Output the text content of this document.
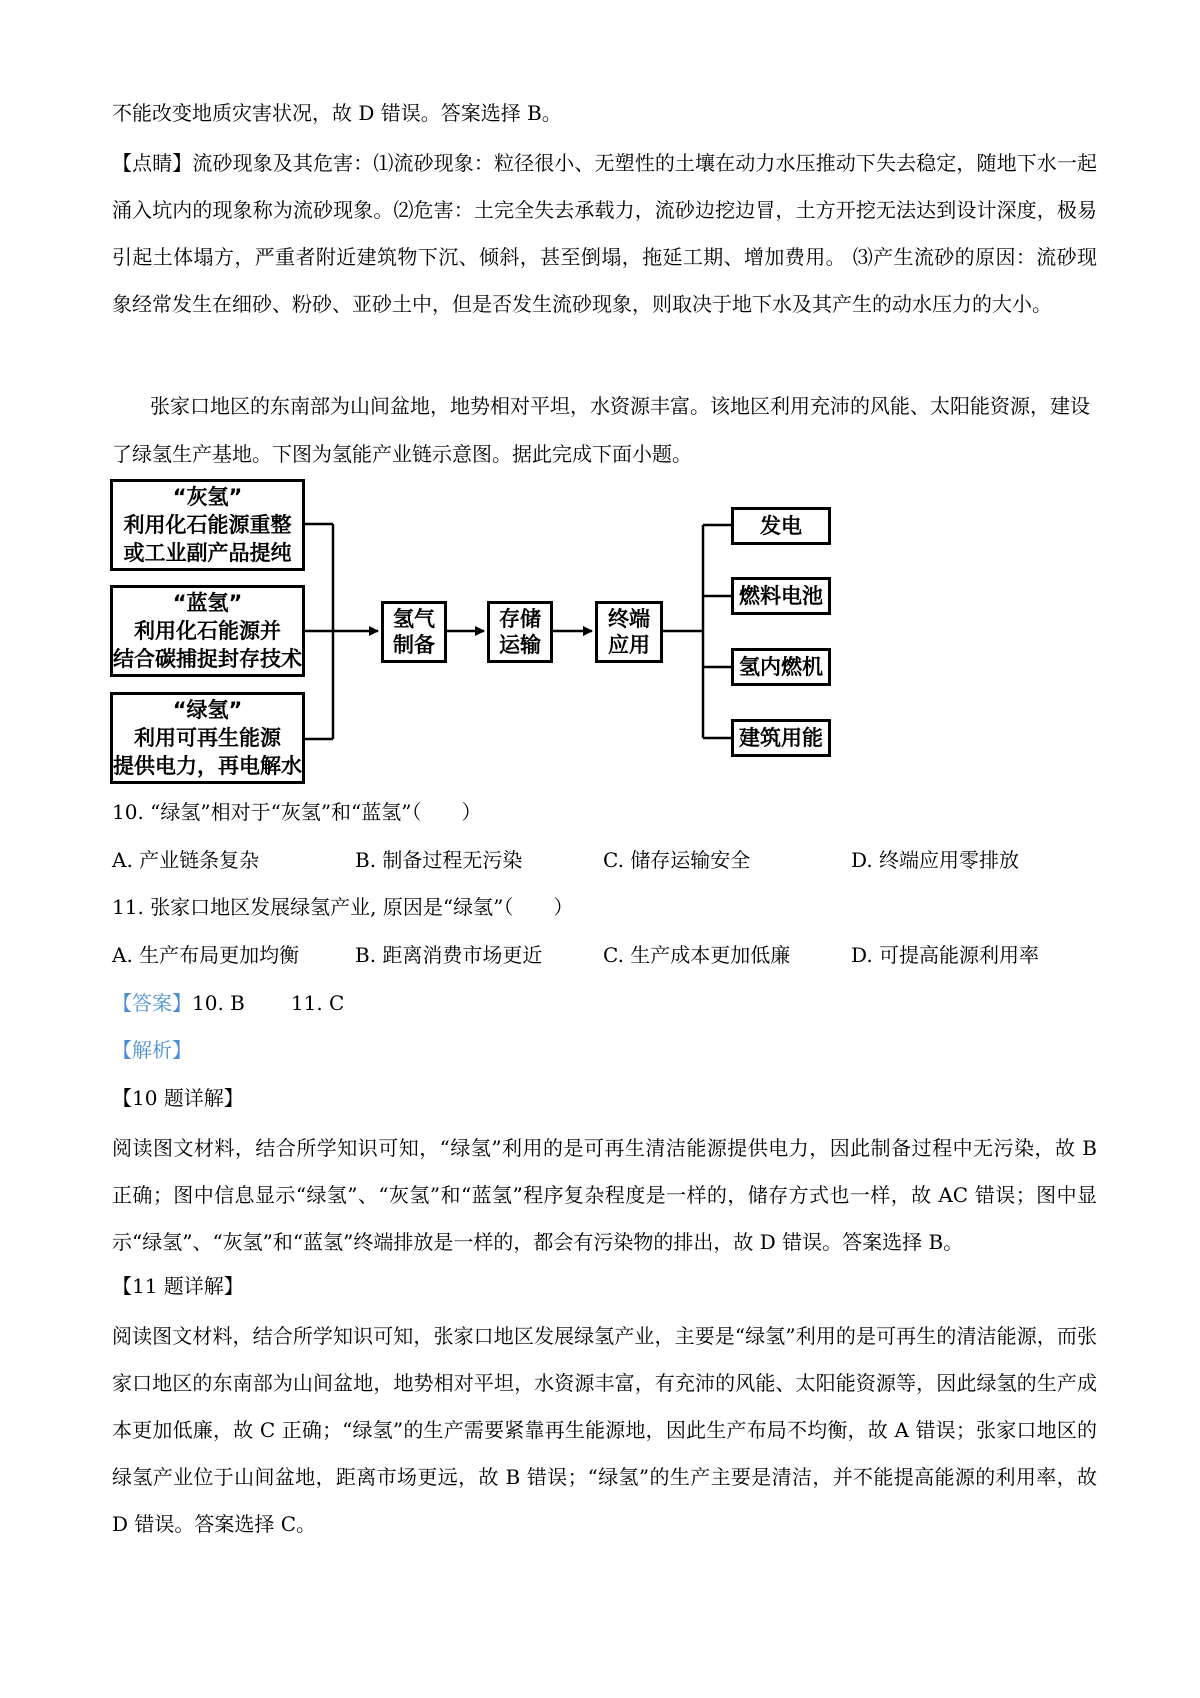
不能改变地质灾害状况，故 D 错误。答案选择 B。

【点睛】流砂现象及其危害：⑴流砂现象：粒径很小、无塑性的土壤在动力水压推动下失去稳定，随地下水一起涌入坑内的现象称为流砂现象。⑵危害：土完全失去承载力，流砂边挖边冒，土方开挖无法达到设计深度，极易引起土体塌方，严重者附近建筑物下沉、倾斜，甚至倒塌，拖延工期、增加费用。 ⑶产生流砂的原因：流砂现象经常发生在细砂、粉砂、亚砂土中，但是否发生流砂现象，则取决于地下水及其产生的动水压力的大小。

张家口地区的东南部为山间盆地，地势相对平坦，水资源丰富。该地区利用充沛的风能、太阳能资源，建设了绿氢生产基地。下图为氢能产业链示意图。据此完成下面小题。

“灰氢”
利用化石能源重整
或工业副产品提纯
“蓝氢”
利用化石能源并
结合碳捕捉封存技术
“绿氢”
利用可再生能源
提供电力，再电解水
氢气
制备
存储
运输
终端
应用
发电
燃料电池
氢内燃机
建筑用能
10. “绿氢”相对于“灰氢”和“蓝氢”（　　）
A. 产业链条复杂	B. 制备过程无污染	C. 储存运输安全	D. 终端应用零排放
11. 张家口地区发展绿氢产业, 原因是“绿氢”（　　）
A. 生产布局更加均衡	B. 距离消费市场更近	C. 生产成本更加低廉	D. 可提高能源利用率
【答案】10. B 11. C
【解析】
【10 题详解】

阅读图文材料，结合所学知识可知，“绿氢”利用的是可再生清洁能源提供电力，因此制备过程中无污染，故 B 正确；图中信息显示“绿氢”、“灰氢”和“蓝氢”程序复杂程度是一样的，储存方式也一样，故 AC 错误；图中显示“绿氢”、“灰氢”和“蓝氢”终端排放是一样的，都会有污染物的排出，故 D 错误。答案选择 B。

【11 题详解】

阅读图文材料，结合所学知识可知，张家口地区发展绿氢产业，主要是“绿氢”利用的是可再生的清洁能源，而张家口地区的东南部为山间盆地，地势相对平坦，水资源丰富，有充沛的风能、太阳能资源等，因此绿氢的生产成本更加低廉，故 C 正确；“绿氢”的生产需要紧靠再生能源地，因此生产布局不均衡，故 A 错误；张家口地区的绿氢产业位于山间盆地，距离市场更远，故 B 错误；“绿氢”的生产主要是清洁，并不能提高能源的利用率，故 D 错误。答案选择 C。
